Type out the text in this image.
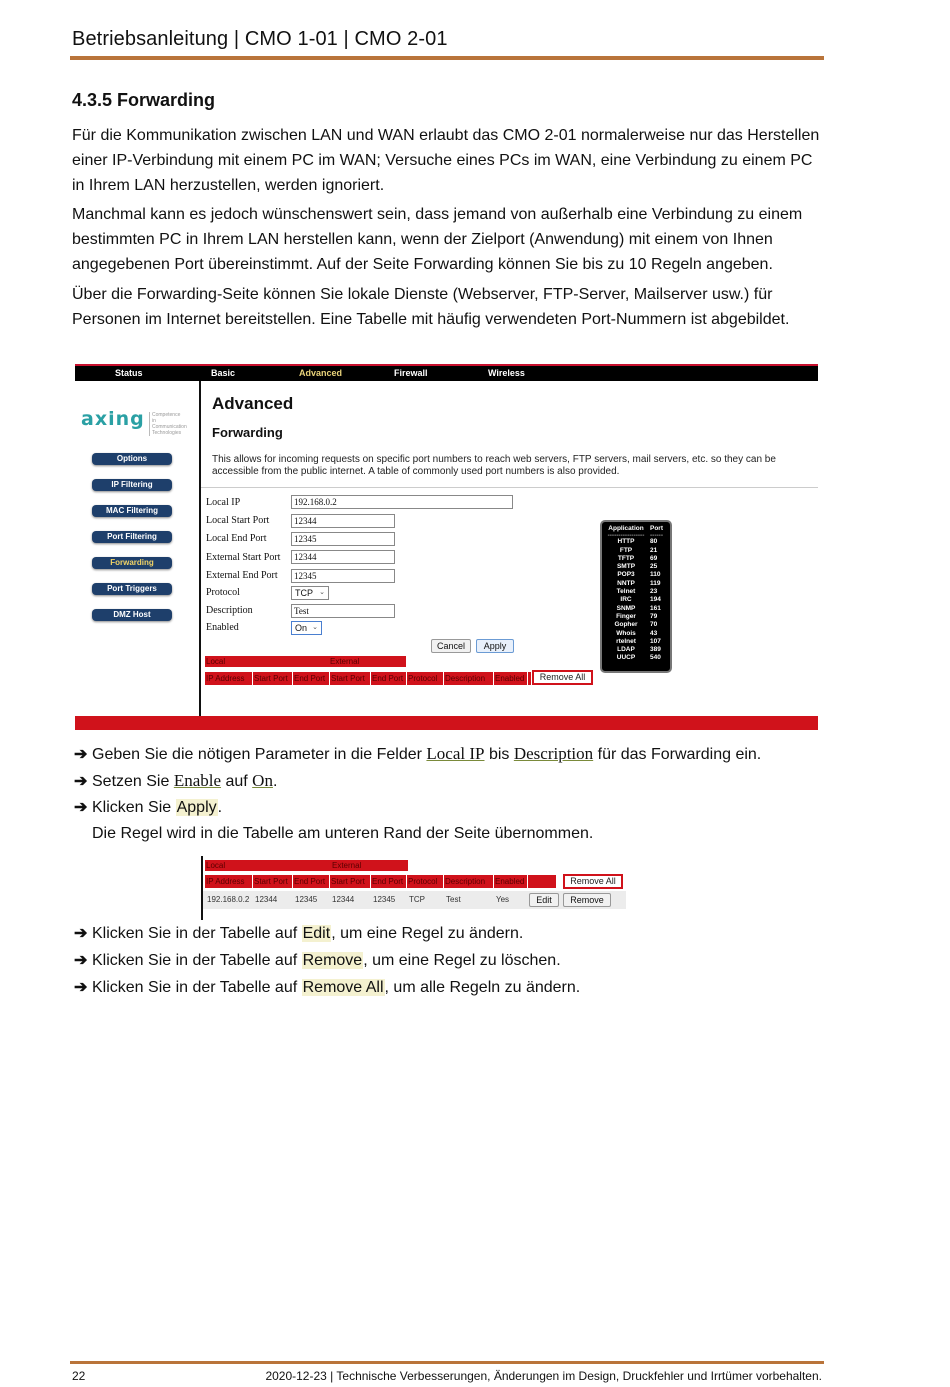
Betriebsanleitung | CMO 1-01 | CMO 2-01
4.3.5 Forwarding

Für die Kommunikation zwischen LAN und WAN erlaubt das CMO 2-01 normalerweise nur das Herstellen einer IP-Verbindung mit einem PC im WAN; Versuche eines PCs im WAN, eine Verbindung zu einem PC in Ihrem LAN herzustellen, werden ignoriert.

Manchmal kann es jedoch wünschenswert sein, dass jemand von außerhalb eine Verbindung zu einem bestimmten PC in Ihrem LAN herstellen kann, wenn der Zielport (Anwendung) mit einem von Ihnen angegebenen Port übereinstimmt. Auf der Seite Forwarding können Sie bis zu 10 Regeln angeben.

Über die Forwarding-Seite können Sie lokale Dienste (Webserver, FTP-Server, Mailserver usw.) für Personen im Internet bereitstellen. Eine Tabelle mit häufig verwendeten Port-Nummern ist abgebildet.

Status	Basic	Advanced	Firewall	Wireless
axing	Competence in Communication Technologies
Options
IP Filtering
MAC Filtering
Port Filtering
Forwarding
Port Triggers
DMZ Host
Advanced
Forwarding
This allows for incoming requests on specific port numbers to reach web servers, FTP servers, mail servers, etc. so they can be accessible from the public internet. A table of commonly used port numbers is also provided.
Local IP	192.168.0.2
Local Start Port	12344
Local End Port	12345
External Start Port	12344
External End Port	12345
Protocol	TCP ⌄
Description	Test
Enabled	On ⌄
Cancel	Apply
Application Port
----------------- ------
HTTP	80
FTP	21
TFTP	69
SMTP	25
POP3	110
NNTP	119
Telnet	23
IRC	194
SNMP	161
Finger	79
Gopher	70
Whois	43
rtelnet	107
LDAP	389
UUCP	540
Local	External
IP Address	Start Port End Port Start Port End Port Protocol Description	Enabled	Remove All
➔ Geben Sie die nötigen Parameter in die Felder Local IP bis Description für das Forwarding ein.
➔ Setzen Sie Enable auf On.
➔ Klicken Sie Apply.
Die Regel wird in die Tabelle am unteren Rand der Seite übernommen.
Local	External
IP Address	Start Port End Port Start Port End Port Protocol Description	Enabled	Remove All
192.168.0.2 12344	12345	12344	12345	TCP	Test	Yes	Edit	Remove
➔ Klicken Sie in der Tabelle auf Edit, um eine Regel zu ändern.
➔ Klicken Sie in der Tabelle auf Remove, um eine Regel zu löschen.
➔ Klicken Sie in der Tabelle auf Remove All, um alle Regeln zu ändern.
22	2020-12-23 | Technische Verbesserungen, Änderungen im Design, Druckfehler und Irrtümer vorbehalten.
